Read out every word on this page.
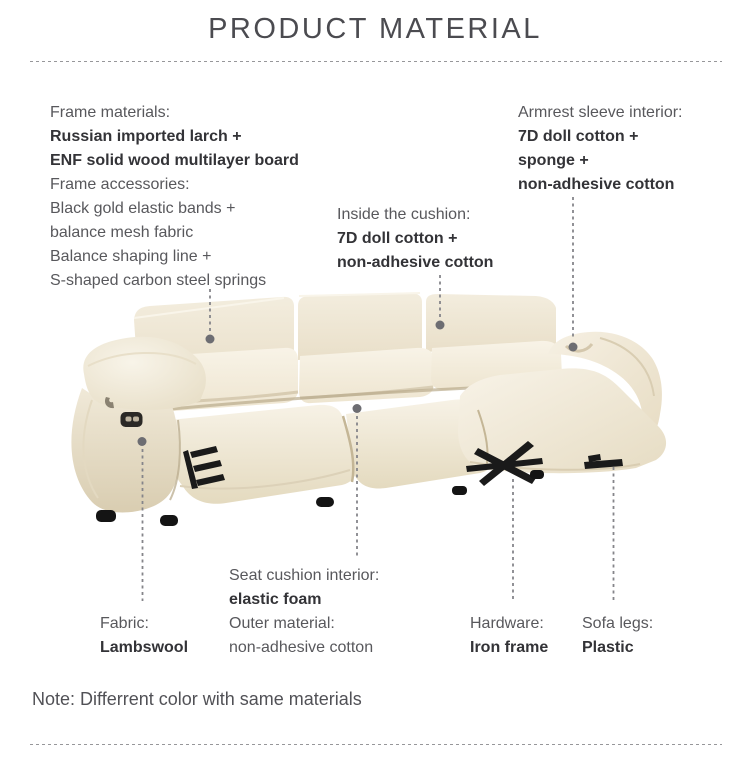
PRODUCT MATERIAL
Frame materials:
Russian imported larch +
ENF solid wood multilayer board
Frame accessories:
Black gold elastic bands +
balance mesh fabric
Balance shaping line +
S-shaped carbon steel springs
Armrest sleeve interior:
7D doll cotton +
sponge +
non-adhesive cotton
Inside the cushion:
7D doll cotton +
non-adhesive cotton
Seat cushion interior:
elastic foam
Outer material:
non-adhesive cotton
Fabric:
Lambswool
Hardware:
Iron frame
Sofa legs:
Plastic
Note: Differrent color with same materials
